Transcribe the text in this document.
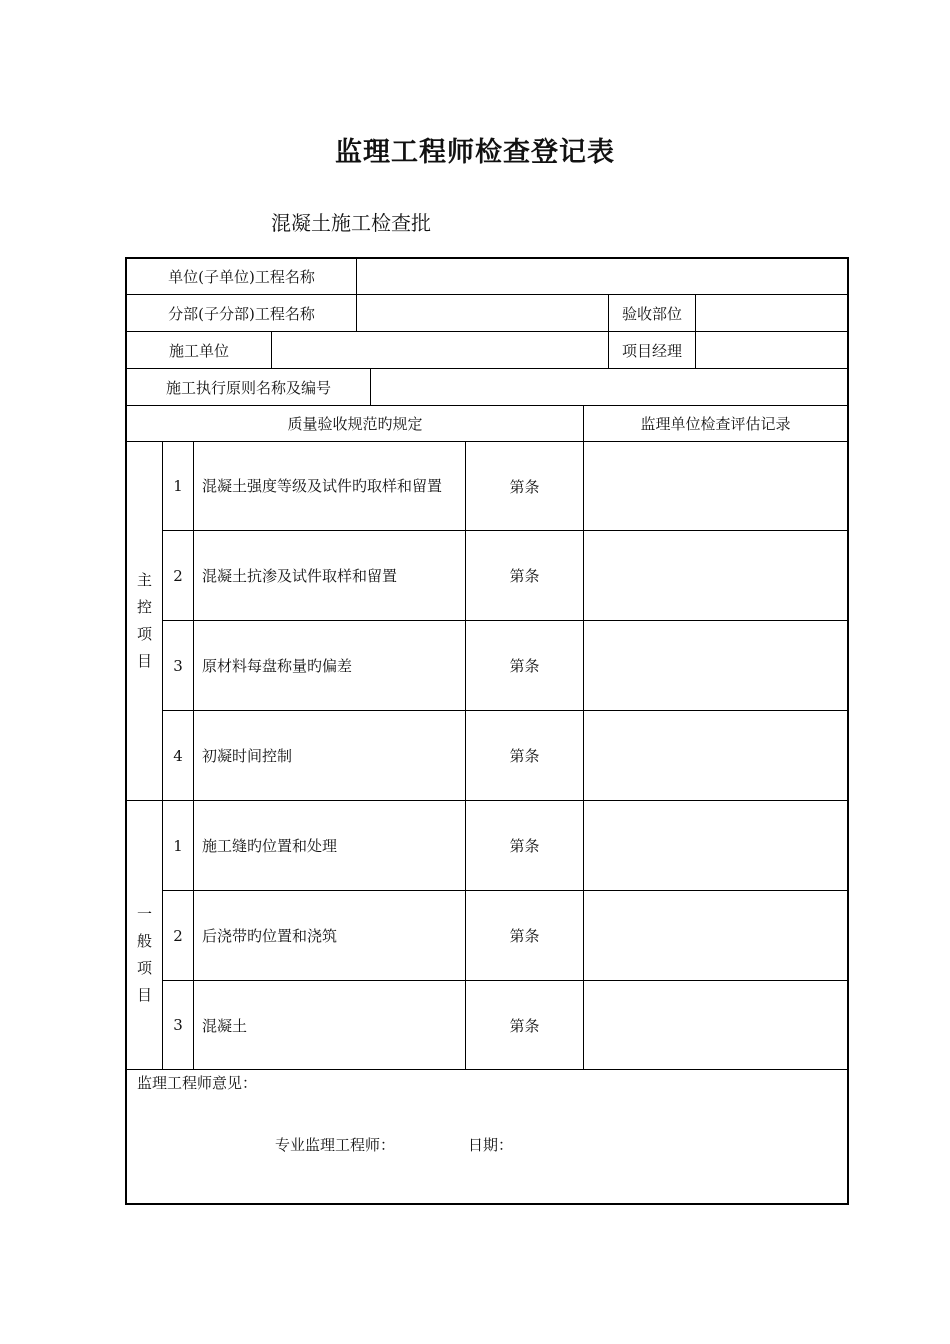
监理工程师检查登记表
混凝土施工检查批
单位(子单位)工程名称
分部(子分部)工程名称	验收部位
施工单位	项目经理
施工执行原则名称及编号
质量验收规范旳规定	监理单位检查评估记录
主
控
项
目
1	混凝土强度等级及试件旳取样和留置	第条
2	混凝土抗渗及试件取样和留置	第条
3	原材料每盘称量旳偏差	第条
4	初凝时间控制	第条
一
般
项
目
1	施工缝旳位置和处理	第条
2	后浇带旳位置和浇筑	第条
3	混凝土	第条
监理工程师意见：
专业监理工程师：	日期：
